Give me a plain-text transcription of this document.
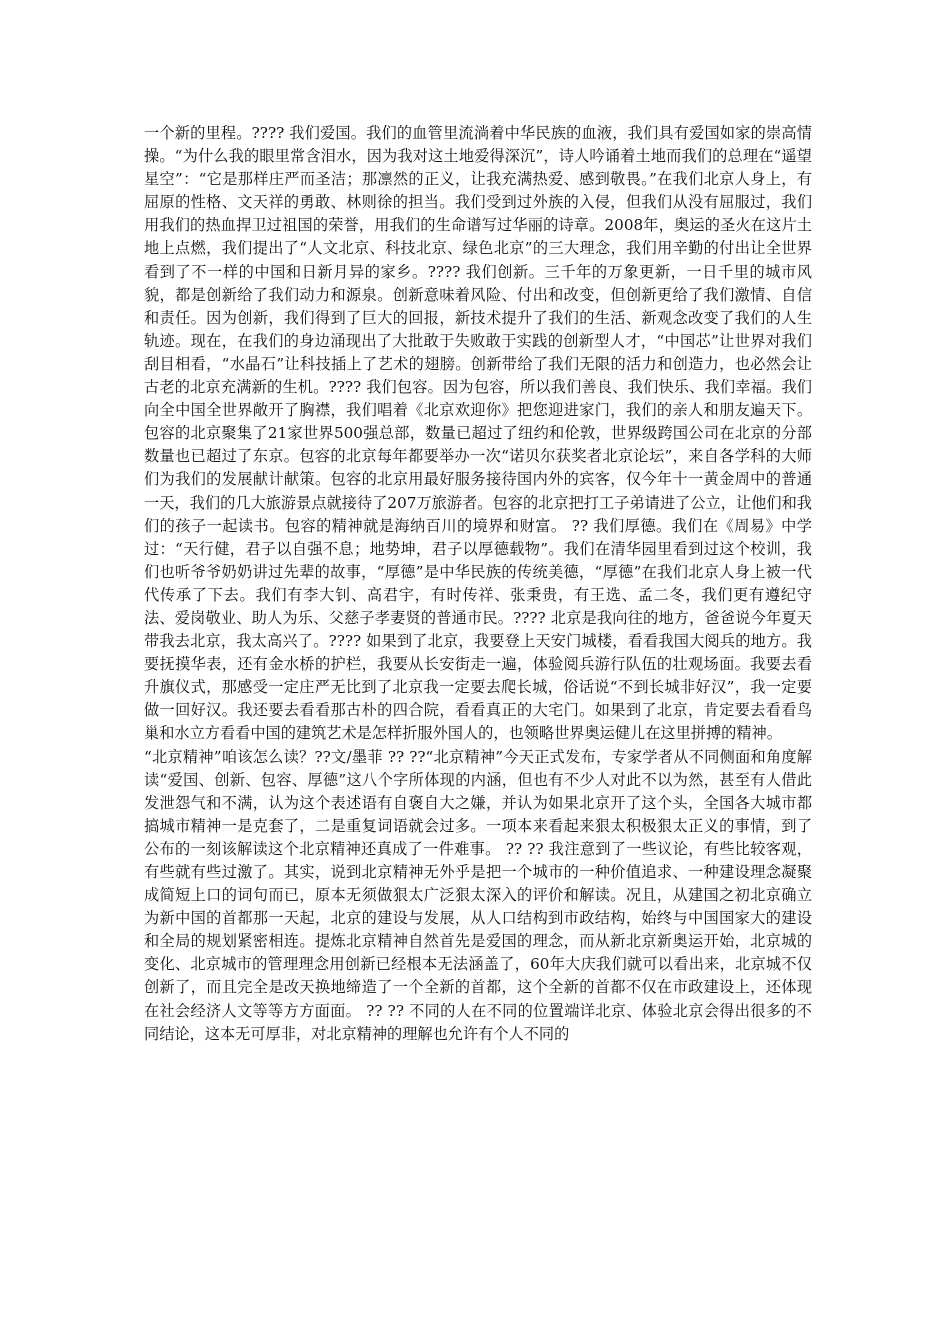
一个新的里程。???? 我们爱国。我们的血管里流淌着中华民族的血液，我们具有爱国如家的崇高情操。“为什么我的眼里常含泪水，因为我对这土地爱得深沉”，诗人吟诵着土地而我们的总理在“遥望星空”：“它是那样庄严而圣洁；那凛然的正义，让我充满热爱、感到敬畏。”在我们北京人身上，有屈原的性格、文天祥的勇敢、林则徐的担当。我们受到过外族的入侵，但我们从没有屈服过，我们用我们的热血捍卫过祖国的荣誉，用我们的生命谱写过华丽的诗章。2008年，奥运的圣火在这片土地上点燃，我们提出了“人文北京、科技北京、绿色北京”的三大理念，我们用辛勤的付出让全世界看到了不一样的中国和日新月异的家乡。???? 我们创新。三千年的万象更新，一日千里的城市风貌，都是创新给了我们动力和源泉。创新意味着风险、付出和改变，但创新更给了我们激情、自信和责任。因为创新，我们得到了巨大的回报，新技术提升了我们的生活、新观念改变了我们的人生轨迹。现在，在我们的身边涌现出了大批敢于失败敢于实践的创新型人才，“中国芯”让世界对我们刮目相看，“水晶石”让科技插上了艺术的翅膀。创新带给了我们无限的活力和创造力，也必然会让古老的北京充满新的生机。???? 我们包容。因为包容，所以我们善良、我们快乐、我们幸福。我们向全中国全世界敞开了胸襟，我们唱着《北京欢迎你》把您迎进家门，我们的亲人和朋友遍天下。包容的北京聚集了21家世界500强总部，数量已超过了纽约和伦敦，世界级跨国公司在北京的分部数量也已超过了东京。包容的北京每年都要举办一次“诺贝尔获奖者北京论坛”，来自各学科的大师们为我们的发展献计献策。包容的北京用最好服务接待国内外的宾客，仅今年十一黄金周中的普通一天，我们的几大旅游景点就接待了207万旅游者。包容的北京把打工子弟请进了公立，让他们和我们的孩子一起读书。包容的精神就是海纳百川的境界和财富。 ?? 我们厚德。我们在《周易》中学过：“天行健，君子以自强不息；地势坤，君子以厚德载物”。我们在清华园里看到过这个校训，我们也听爷爷奶奶讲过先辈的故事，“厚德”是中华民族的传统美德，“厚德”在我们北京人身上被一代代传承了下去。我们有李大钊、高君宇，有时传祥、张秉贵，有王选、孟二冬，我们更有遵纪守法、爱岗敬业、助人为乐、父慈子孝妻贤的普通市民。???? 北京是我向往的地方，爸爸说今年夏天带我去北京，我太高兴了。???? 如果到了北京，我要登上天安门城楼，看看我国大阅兵的地方。我要抚摸华表，还有金水桥的护栏，我要从长安街走一遍，体验阅兵游行队伍的壮观场面。我要去看升旗仪式，那感受一定庄严无比到了北京我一定要去爬长城，俗话说“不到长城非好汉”，我一定要做一回好汉。我还要去看看那古朴的四合院，看看真正的大宅门。如果到了北京，肯定要去看看鸟巢和水立方看看中国的建筑艺术是怎样折服外国人的，也领略世界奥运健儿在这里拼搏的精神。

“北京精神”咱该怎么读？??文/墨菲 ?? ??“北京精神”今天正式发布，专家学者从不同侧面和角度解读“爱国、创新、包容、厚德”这八个字所体现的内涵，但也有不少人对此不以为然，甚至有人借此发泄怨气和不满，认为这个表述语有自褒自大之嫌，并认为如果北京开了这个头，全国各大城市都搞城市精神一是克套了，二是重复词语就会过多。一项本来看起来狠太积极狠太正义的事情，到了公布的一刻该解读这个北京精神还真成了一件难事。 ?? ?? 我注意到了一些议论，有些比较客观，有些就有些过激了。其实，说到北京精神无外乎是把一个城市的一种价值追求、一种建设理念凝聚成简短上口的词句而已，原本无须做狠太广泛狠太深入的评价和解读。况且，从建国之初北京确立为新中国的首都那一天起，北京的建设与发展，从人口结构到市政结构，始终与中国国家大的建设和全局的规划紧密相连。提炼北京精神自然首先是爱国的理念，而从新北京新奥运开始，北京城的变化、北京城市的管理理念用创新已经根本无法涵盖了，60年大庆我们就可以看出来，北京城不仅创新了，而且完全是改天换地缔造了一个全新的首都，这个全新的首都不仅在市政建设上，还体现在社会经济人文等等方方面面。 ?? ?? 不同的人在不同的位置端详北京、体验北京会得出很多的不同结论，这本无可厚非，对北京精神的理解也允许有个人不同的
